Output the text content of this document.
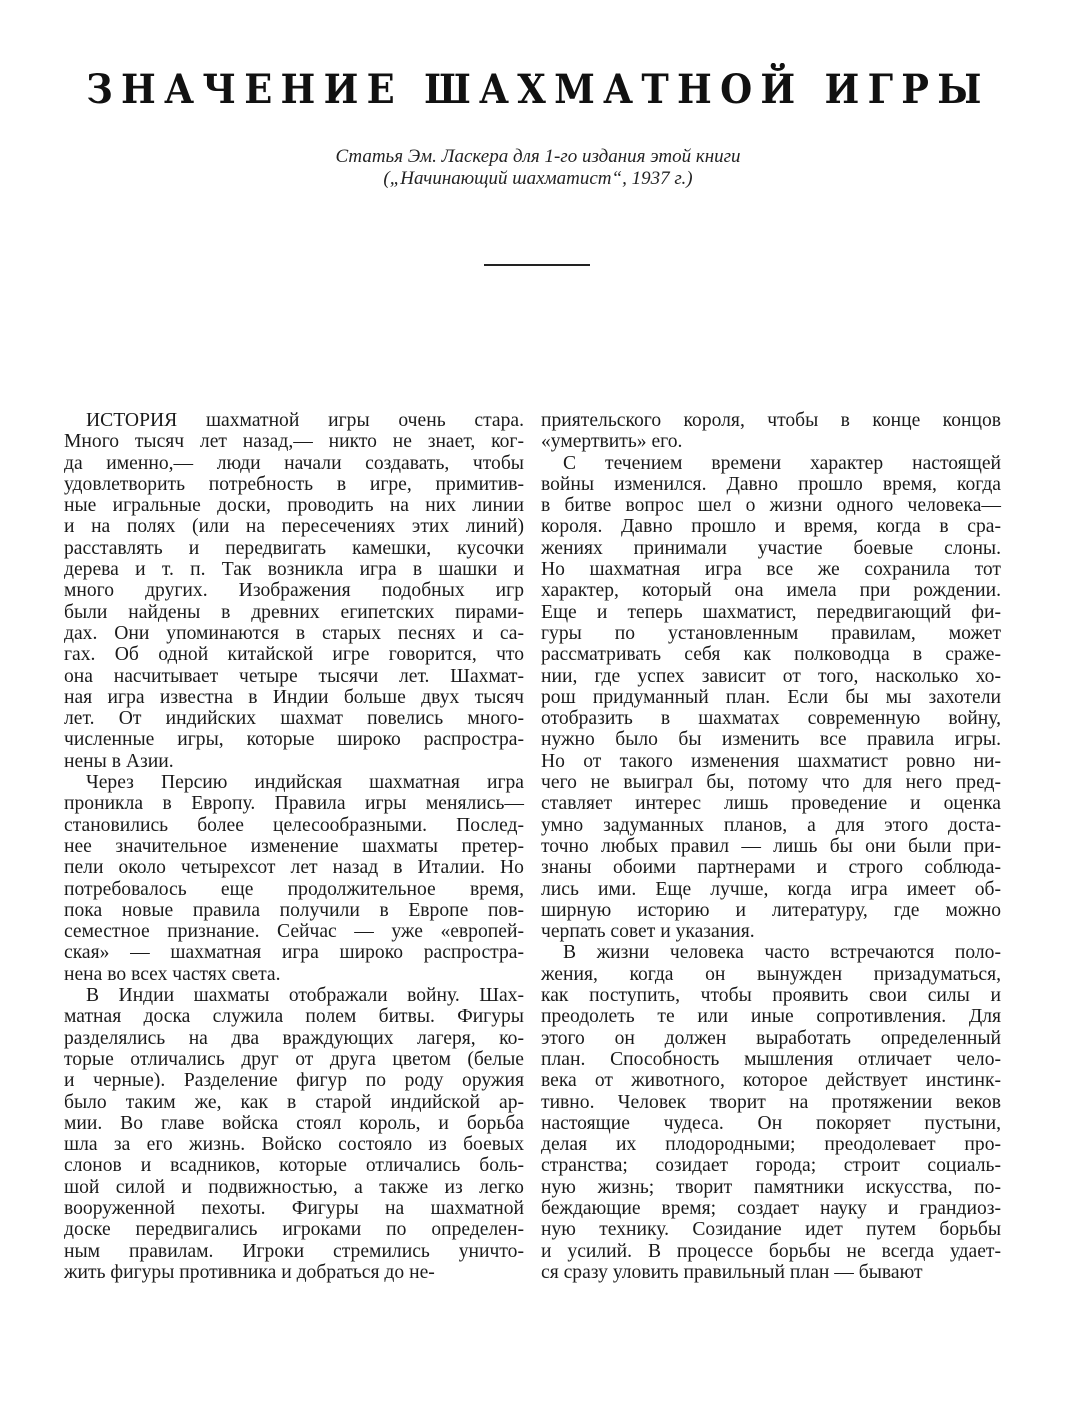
ЗНАЧЕНИЕ ШАХМАТНОЙ ИГРЫ
Статья Эм. Ласкера для 1-го издания этой книги
(„Начинающий шахматист“, 1937 г.)
ИСТОРИЯ шахматной игры очень стара.
Много тысяч лет назад,— никто не знает, ког-
да именно,— люди начали создавать, чтобы
удовлетворить потребность в игре, примитив-
ные игральные доски, проводить на них линии
и на полях (или на пересечениях этих линий)
расставлять и передвигать камешки, кусочки
дерева и т. п. Так возникла игра в шашки и
много других. Изображения подобных игр
были найдены в древних египетских пирами-
дах. Они упоминаются в старых песнях и са-
гах. Об одной китайской игре говорится, что
она насчитывает четыре тысячи лет. Шахмат-
ная игра известна в Индии больше двух тысяч
лет. От индийских шахмат повелись много-
численные игры, которые широко распростра-
нены в Азии.
Через Персию индийская шахматная игра
проникла в Европу. Правила игры менялись—
становились более целесообразными. Послед-
нее значительное изменение шахматы претер-
пели около четырехсот лет назад в Италии. Но
потребовалось еще продолжительное время,
пока новые правила получили в Европе пов-
семестное признание. Сейчас — уже «европей-
ская» — шахматная игра широко распростра-
нена во всех частях света.
В Индии шахматы отображали войну. Шах-
матная доска служила полем битвы. Фигуры
разделялись на два враждующих лагеря, ко-
торые отличались друг от друга цветом (белые
и черные). Разделение фигур по роду оружия
было таким же, как в старой индийской ар-
мии. Во главе войска стоял король, и борьба
шла за его жизнь. Войско состояло из боевых
слонов и всадников, которые отличались боль-
шой силой и подвижностью, а также из легко
вооруженной пехоты. Фигуры на шахматной
доске передвигались игроками по определен-
ным правилам. Игроки стремились уничто-
жить фигуры противника и добраться до не-
приятельского короля, чтобы в конце концов
«умертвить» его.
С течением времени характер настоящей
войны изменился. Давно прошло время, когда
в битве вопрос шел о жизни одного человека—
короля. Давно прошло и время, когда в сра-
жениях принимали участие боевые слоны.
Но шахматная игра все же сохранила тот
характер, который она имела при рождении.
Еще и теперь шахматист, передвигающий фи-
гуры по установленным правилам, может
рассматривать себя как полководца в сраже-
нии, где успех зависит от того, насколько хо-
рош придуманный план. Если бы мы захотели
отобразить в шахматах современную войну,
нужно было бы изменить все правила игры.
Но от такого изменения шахматист ровно ни-
чего не выиграл бы, потому что для него пред-
ставляет интерес лишь проведение и оценка
умно задуманных планов, а для этого доста-
точно любых правил — лишь бы они были при-
знаны обоими партнерами и строго соблюда-
лись ими. Еще лучше, когда игра имеет об-
ширную историю и литературу, где можно
черпать совет и указания.
В жизни человека часто встречаются поло-
жения, когда он вынужден призадуматься,
как поступить, чтобы проявить свои силы и
преодолеть те или иные сопротивления. Для
этого он должен выработать определенный
план. Способность мышления отличает чело-
века от животного, которое действует инстинк-
тивно. Человек творит на протяжении веков
настоящие чудеса. Он покоряет пустыни,
делая их плодородными; преодолевает про-
странства; созидает города; строит социаль-
ную жизнь; творит памятники искусства, по-
беждающие время; создает науку и грандиоз-
ную технику. Созидание идет путем борьбы
и усилий. В процессе борьбы не всегда удает-
ся сразу уловить правильный план — бывают
